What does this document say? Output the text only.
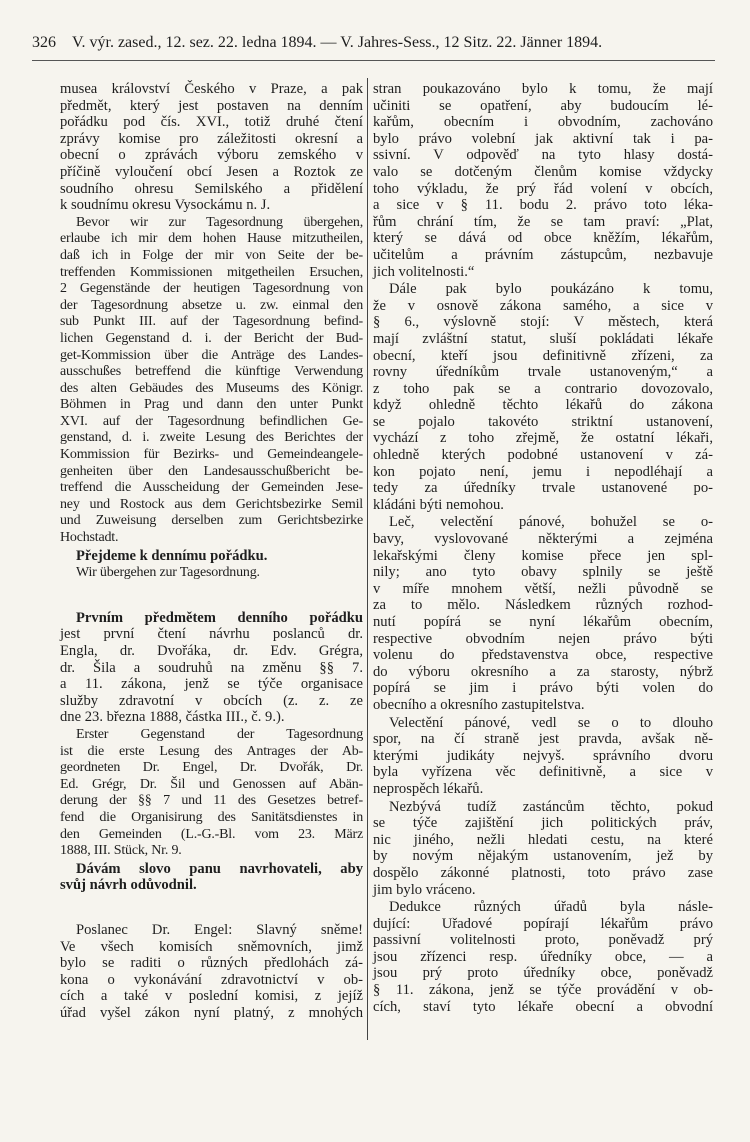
326 V. výr. zased., 12. sez. 22. ledna 1894. — V. Jahres-Sess., 12 Sitz. 22. Jänner 1894.
musea království Českého v Praze, a pak
předmět, který jest postaven na denním
pořádku pod čís. XVI., totiž druhé čtení
zprávy komise pro záležitosti okresní a
obecní o zprávách výboru zemského v
příčině vyloučení obcí Jesen a Roztok ze
soudního ohresu Semilského a přidělení
k soudnímu okresu Vysockámu n. J.
Bevor wir zur Tagesordnung übergehen,
erlaube ich mir dem hohen Hause mitzutheilen,
daß ich in Folge der mir von Seite der be-
treffenden Kommissionen mitgetheilen Ersuchen,
2 Gegenstände der heutigen Tagesordnung von
der Tagesordnung absetze u. zw. einmal den
sub Punkt III. auf der Tagesordnung befind-
lichen Gegenstand d. i. der Bericht der Bud-
get-Kommission über die Anträge des Landes-
ausschußes betreffend die künftige Verwendung
des alten Gebäudes des Museums des Königr.
Böhmen in Prag und dann den unter Punkt
XVI. auf der Tagesordnung befindlichen Ge-
genstand, d. i. zweite Lesung des Berichtes der
Kommission für Bezirks- und Gemeindeangele-
genheiten über den Landesausschußbericht be-
treffend die Ausscheidung der Gemeinden Jese-
ney und Rostock aus dem Gerichtsbezirke Semil
und Zuweisung derselben zum Gerichtsbezirke
Hochstadt.
Přejdeme k dennímu pořádku.
Wir übergehen zur Tagesordnung.
Prvním předmětem denního pořádku
jest první čtení návrhu poslanců dr.
Engla, dr. Dvořáka, dr. Edv. Grégra,
dr. Šila a soudruhů na změnu §§ 7.
a 11. zákona, jenž se týče organisace
služby zdravotní v obcích (z. z. ze
dne 23. března 1888, částka III., č. 9.).
Erster Gegenstand der Tagesordnung
ist die erste Lesung des Antrages der Ab-
geordneten Dr. Engel, Dr. Dvořák, Dr.
Ed. Grégr, Dr. Šil und Genossen auf Abän-
derung der §§ 7 und 11 des Gesetzes betref-
fend die Organisirung des Sanitätsdienstes in
den Gemeinden (L.-G.-Bl. vom 23. März
1888, III. Stück, Nr. 9.
Dávám slovo panu navrhovateli, aby
svůj návrh odůvodnil.
Poslanec Dr. Engel: Slavný sněme!
Ve všech komisích sněmovních, jimž
bylo se raditi o různých předlohách zá-
kona o vykonávání zdravotnictví v ob-
cích a také v poslední komisi, z jejíž
úřad vyšel zákon nyní platný, z mnohých
stran poukazováno bylo k tomu, že mají
učiniti se opatření, aby budoucím lé-
kařům, obecním i obvodním, zachováno
bylo právo volební jak aktivní tak i pa-
ssivní. V odpověď na tyto hlasy dostá-
valo se dotčeným členům komise vždycky
toho výkladu, že prý řád volení v obcích,
a sice v § 11. bodu 2. právo toto léka-
řům chrání tím, že se tam praví: „Plat,
který se dává od obce kněžím, lékařům,
učitelům a právním zástupcům, nezbavuje
jich volitelnosti.“
Dále pak bylo poukázáno k tomu,
že v osnově zákona samého, a sice v
§ 6., výslovně stojí: V městech, která
mají zvláštní statut, sluší pokládati lékaře
obecní, kteří jsou definitivně zřízeni, za
rovny úředníkům trvale ustanoveným,“ a
z toho pak se a contrario dovozovalo,
když ohledně těchto lékařů do zákona
se pojalo takovéto striktní ustanovení,
vychází z toho zřejmě, že ostatní lékaři,
ohledně kterých podobné ustanovení v zá-
kon pojato není, jemu i nepodléhají a
tedy za úředníky trvale ustanovené po-
kládáni býti nemohou.
Leč, velectění pánové, bohužel se o-
bavy, vyslovované některými a zejména
lekařskými členy komise přece jen spl-
nily; ano tyto obavy splnily se ještě
v míře mnohem větší, nežli původně se
za to mělo. Následkem různých rozhod-
nutí popírá se nyní lékařům obecním,
respective obvodním nejen právo býti
volenu do představenstva obce, respective
do výboru okresního a za starosty, nýbrž
popírá se jim i právo býti volen do
obecního a okresního zastupitelstva.
Velectění pánové, vedl se o to dlouho
spor, na čí straně jest pravda, avšak ně-
kterými judikáty nejvyš. správního dvoru
byla vyřízena věc definitivně, a sice v
neprospěch lékařů.
Nezbývá tudíž zastáncům těchto, pokud
se týče zajištění jich politických práv,
nic jiného, nežli hledati cestu, na které
by novým nějakým ustanovením, jež by
dospělo zákonné platnosti, toto právo zase
jim bylo vráceno.
Dedukce různých úřadů byla násle-
dující: Uřadové popírají lékařům právo
passivní volitelnosti proto, poněvadž prý
jsou zřízenci resp. úředníky obce, — a
jsou prý proto úředníky obce, poněvadž
§ 11. zákona, jenž se týče provádění v ob-
cích, staví tyto lékaře obecní a obvodní
